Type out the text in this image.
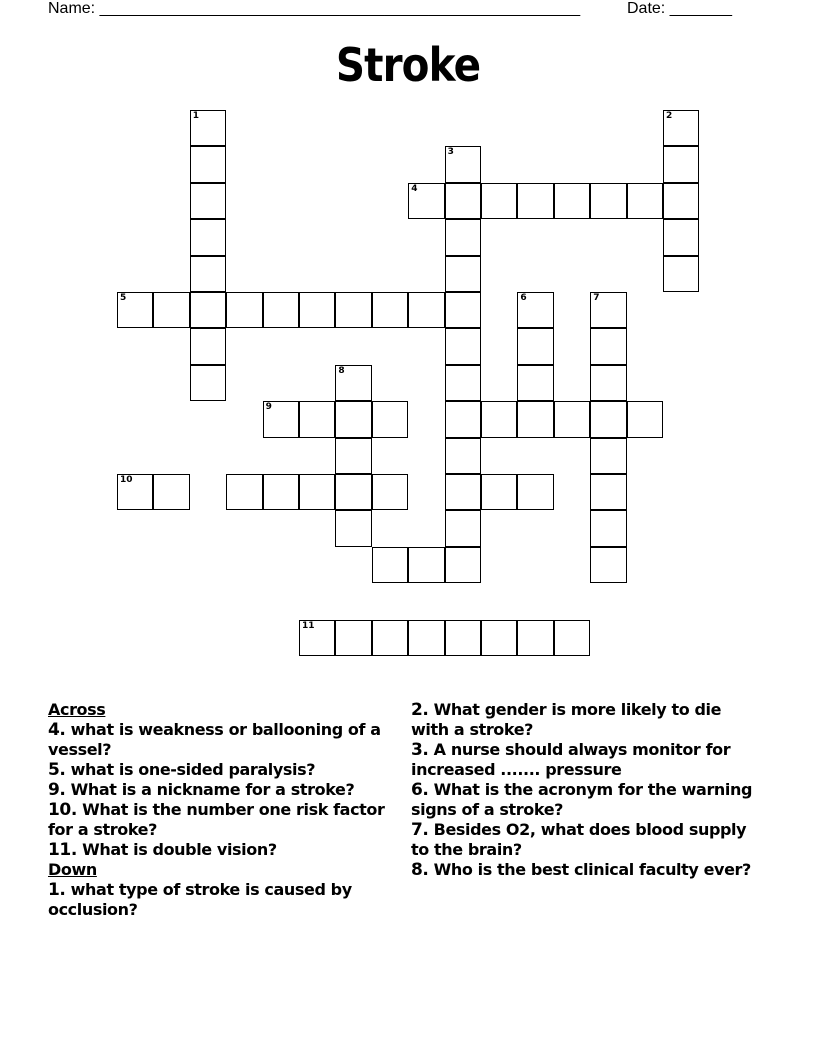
Name: ______________________________________________________	Date: _______
Stroke
1	2
3
4
5	6	7
8
9
10
11
Across
4. what is weakness or ballooning of a vessel?
5. what is one-sided paralysis?
9. What is a nickname for a stroke?
10. What is the number one risk factor for a stroke?
11. What is double vision?
Down
1. what type of stroke is caused by occlusion?
2. What gender is more likely to die with a stroke?
3. A nurse should always monitor for increased ....... pressure
6. What is the acronym for the warning signs of a stroke?
7. Besides O2, what does blood supply to the brain?
8. Who is the best clinical faculty ever?
